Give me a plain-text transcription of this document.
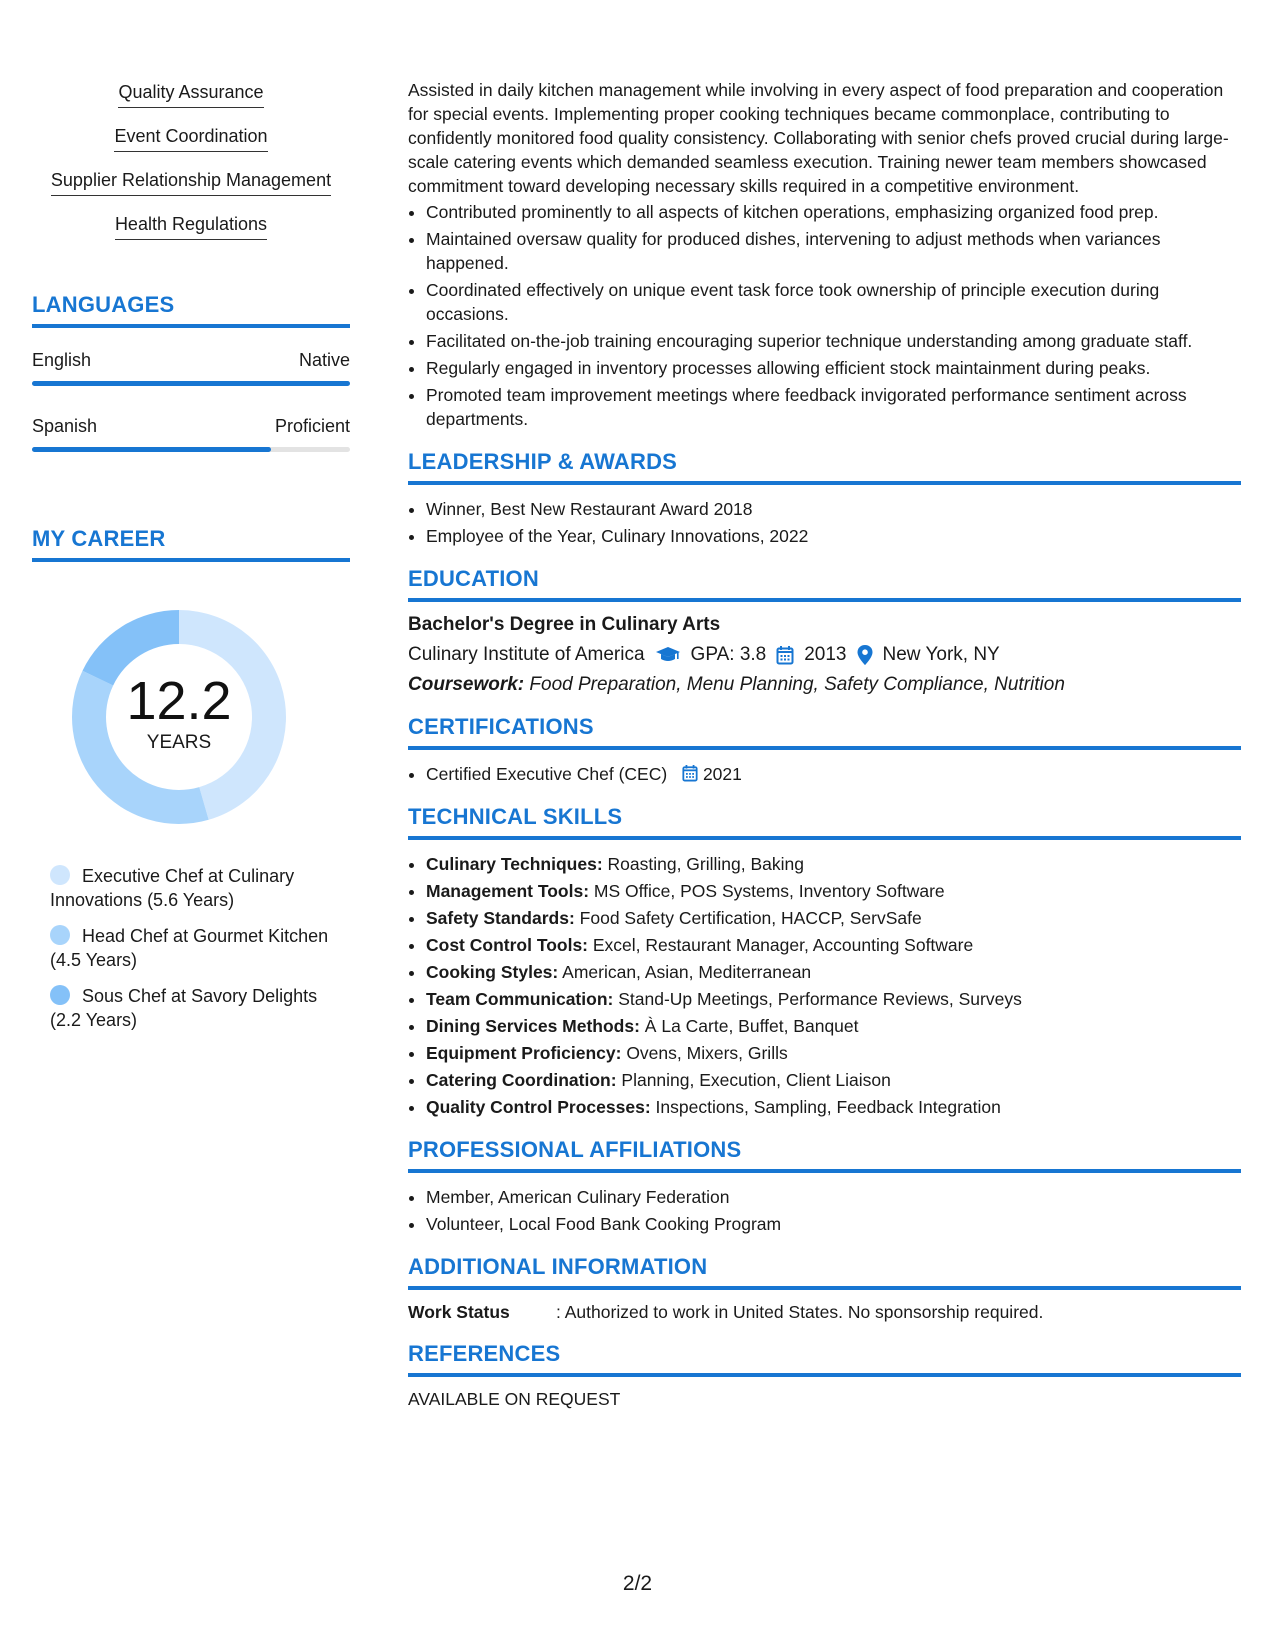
Quality Assurance
Event Coordination
Supplier Relationship Management
Health Regulations
LANGUAGES
English	Native
Spanish	Proficient
MY CAREER
12.2
YEARS
Executive Chef at Culinary Innovations (5.6 Years)
Head Chef at Gourmet Kitchen (4.5 Years)
Sous Chef at Savory Delights (2.2 Years)

Assisted in daily kitchen management while involving in every aspect of food preparation and cooperation for special events. Implementing proper cooking techniques became commonplace, contributing to confidently monitored food quality consistency. Collaborating with senior chefs proved crucial during large-scale catering events which demanded seamless execution. Training newer team members showcased commitment toward developing necessary skills required in a competitive environment.

• Contributed prominently to all aspects of kitchen operations, emphasizing organized food prep.
• Maintained oversaw quality for produced dishes, intervening to adjust methods when variances happened.
• Coordinated effectively on unique event task force took ownership of principle execution during occasions.
• Facilitated on-the-job training encouraging superior technique understanding among graduate staff.
• Regularly engaged in inventory processes allowing efficient stock maintainment during peaks.
• Promoted team improvement meetings where feedback invigorated performance sentiment across departments.
LEADERSHIP & AWARDS
• Winner, Best New Restaurant Award 2018
• Employee of the Year, Culinary Innovations, 2022
EDUCATION
Bachelor's Degree in Culinary Arts
Culinary Institute of America GPA: 3.8 2013 New York, NY
Coursework: Food Preparation, Menu Planning, Safety Compliance, Nutrition
CERTIFICATIONS
• Certified Executive Chef (CEC) 2021
TECHNICAL SKILLS
• Culinary Techniques: Roasting, Grilling, Baking
• Management Tools: MS Office, POS Systems, Inventory Software
• Safety Standards: Food Safety Certification, HACCP, ServSafe
• Cost Control Tools: Excel, Restaurant Manager, Accounting Software
• Cooking Styles: American, Asian, Mediterranean
• Team Communication: Stand-Up Meetings, Performance Reviews, Surveys
• Dining Services Methods: À La Carte, Buffet, Banquet
• Equipment Proficiency: Ovens, Mixers, Grills
• Catering Coordination: Planning, Execution, Client Liaison
• Quality Control Processes: Inspections, Sampling, Feedback Integration
PROFESSIONAL AFFILIATIONS
• Member, American Culinary Federation
• Volunteer, Local Food Bank Cooking Program
ADDITIONAL INFORMATION
Work Status	: Authorized to work in United States. No sponsorship required.
REFERENCES
AVAILABLE ON REQUEST
2/2
